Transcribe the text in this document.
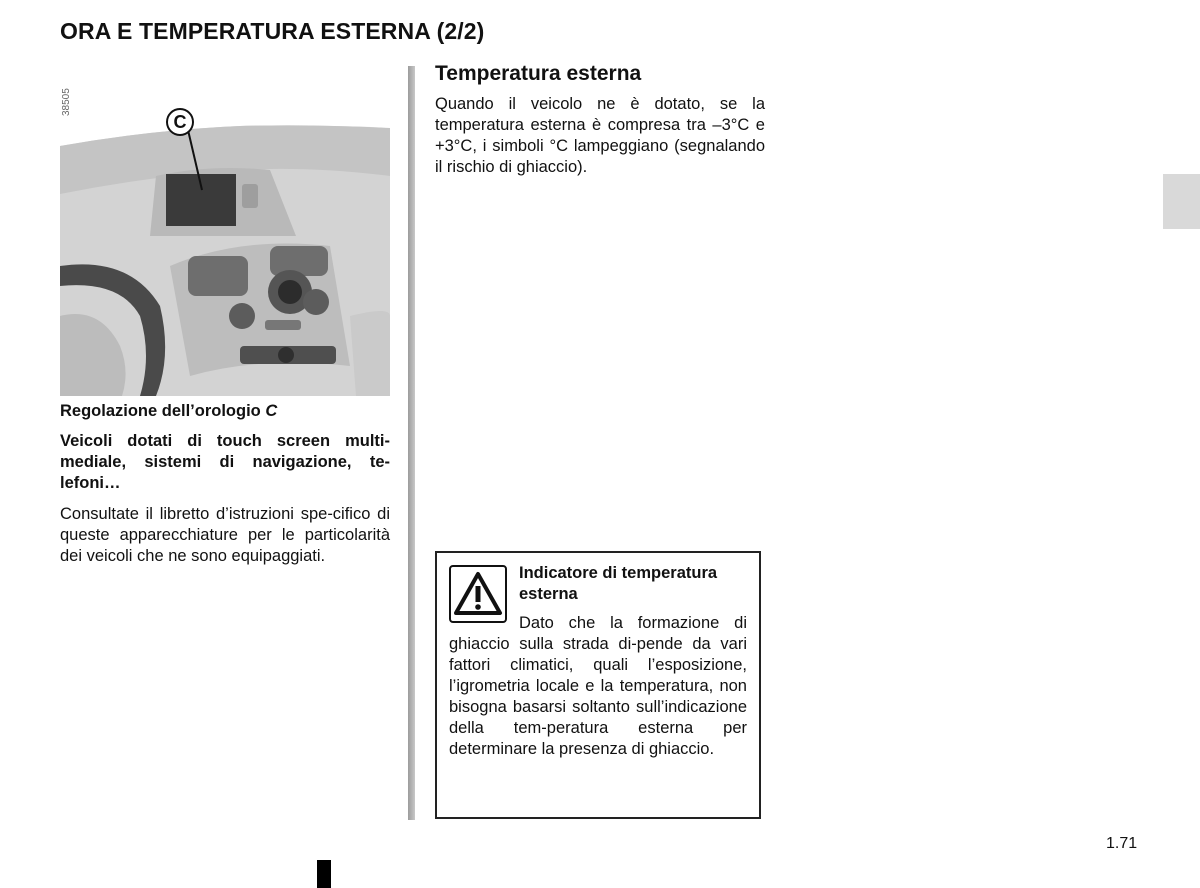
ORA E TEMPERATURA ESTERNA (2/2)
38505
C
Regolazione dell’orologio C
Veicoli dotati di touch screen multi-mediale, sistemi di navigazione, te-lefoni…
Consultate il libretto d’istruzioni spe-cifico di queste apparecchiature per le particolarità dei veicoli che ne sono equipaggiati.
Temperatura esterna

Quando il veicolo ne è dotato, se la temperatura esterna è compresa tra –3°C e +3°C, i simboli °C lampeggiano (segnalando il rischio di ghiaccio).

Indicatore di temperatura esterna
Dato che la formazione di ghiaccio sulla strada di-pende da vari fattori climatici, quali l’esposizione, l’igrometria locale e la temperatura, non bisogna basarsi soltanto sull’indicazione della tem-peratura esterna per determinare la presenza di ghiaccio.
1.71
